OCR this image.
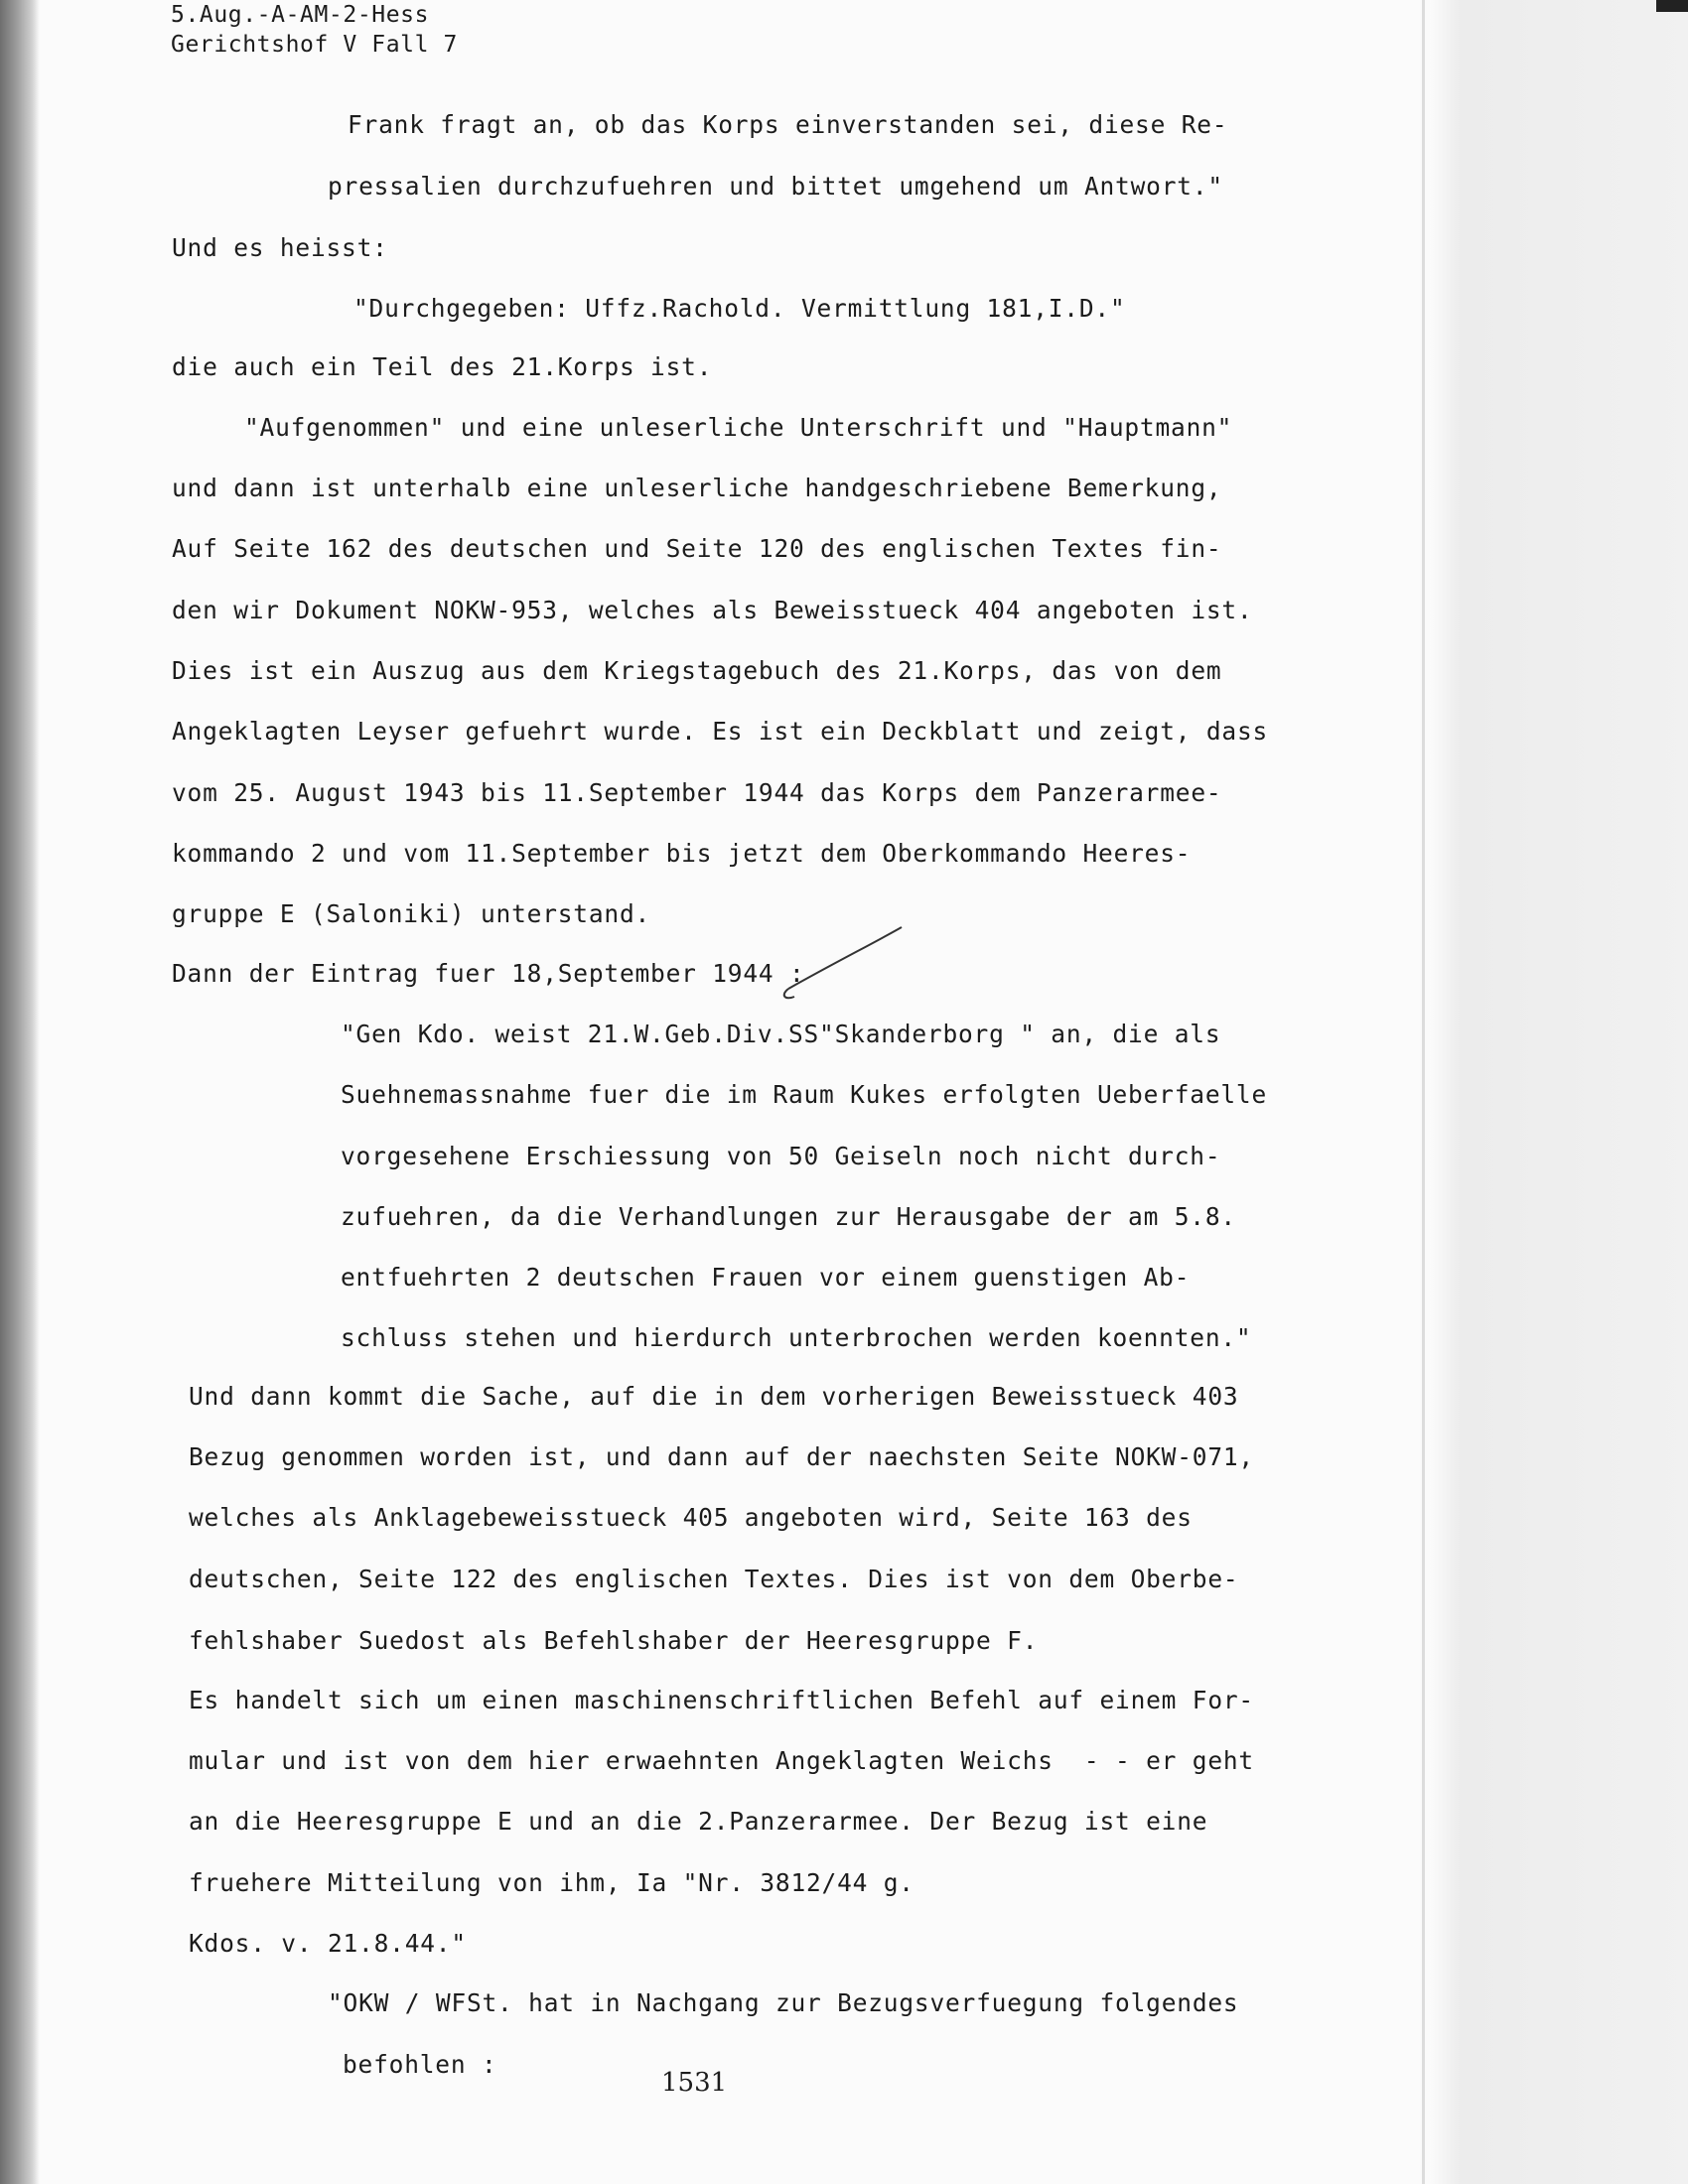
5.Aug.-A-AM-2-Hess
Gerichtshof V Fall 7
Frank fragt an, ob das Korps einverstanden sei, diese Re-
pressalien durchzufuehren und bittet umgehend um Antwort."
Und es heisst:
"Durchgegeben: Uffz.Rachold. Vermittlung 181,I.D."
die auch ein Teil des 21.Korps ist.
"Aufgenommen" und eine unleserliche Unterschrift und "Hauptmann"
und dann ist unterhalb eine unleserliche handgeschriebene Bemerkung,
Auf Seite 162 des deutschen und Seite 120 des englischen Textes fin-
den wir Dokument NOKW-953, welches als Beweisstueck 404 angeboten ist.
Dies ist ein Auszug aus dem Kriegstagebuch des 21.Korps, das von dem
Angeklagten Leyser gefuehrt wurde. Es ist ein Deckblatt und zeigt, dass
vom 25. August 1943 bis 11.September 1944 das Korps dem Panzerarmee-
kommando 2 und vom 11.September bis jetzt dem Oberkommando Heeres-
gruppe E (Saloniki) unterstand.
Dann der Eintrag fuer 18,September 1944 :
"Gen Kdo. weist 21.W.Geb.Div.SS"Skanderborg " an, die als
Suehnemassnahme fuer die im Raum Kukes erfolgten Ueberfaelle
vorgesehene Erschiessung von 50 Geiseln noch nicht durch-
zufuehren, da die Verhandlungen zur Herausgabe der am 5.8.
entfuehrten 2 deutschen Frauen vor einem guenstigen Ab-
schluss stehen und hierdurch unterbrochen werden koennten."
Und dann kommt die Sache, auf die in dem vorherigen Beweisstueck 403
Bezug genommen worden ist, und dann auf der naechsten Seite NOKW-071,
welches als Anklagebeweisstueck 405 angeboten wird, Seite 163 des
deutschen, Seite 122 des englischen Textes. Dies ist von dem Oberbe-
fehlshaber Suedost als Befehlshaber der Heeresgruppe F.
Es handelt sich um einen maschinenschriftlichen Befehl auf einem For-
mular und ist von dem hier erwaehnten Angeklagten Weichs  - - er geht
an die Heeresgruppe E und an die 2.Panzerarmee. Der Bezug ist eine
fruehere Mitteilung von ihm, Ia "Nr. 3812/44 g.
Kdos. v. 21.8.44."
"OKW / WFSt. hat in Nachgang zur Bezugsverfuegung folgendes
befohlen :
1531
